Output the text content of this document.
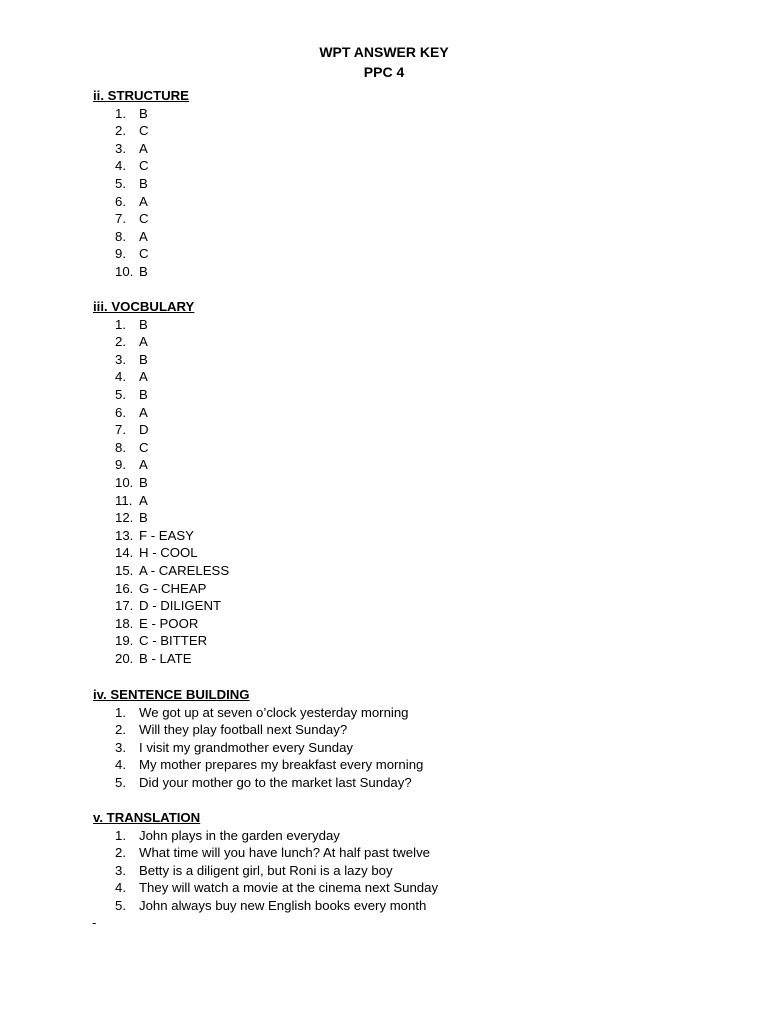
WPT ANSWER KEY
PPC 4
ii. STRUCTURE
1. B
2. C
3. A
4. C
5. B
6. A
7. C
8. A
9. C
10. B
iii. VOCBULARY
1. B
2. A
3. B
4. A
5. B
6. A
7. D
8. C
9. A
10. B
11. A
12. B
13. F - EASY
14. H - COOL
15. A - CARELESS
16. G - CHEAP
17. D - DILIGENT
18. E - POOR
19. C - BITTER
20. B - LATE
iv. SENTENCE BUILDING
1. We got up at seven o’clock yesterday morning
2. Will they play football next Sunday?
3. I visit my grandmother every Sunday
4. My mother prepares my breakfast every morning
5. Did your mother go to the market last Sunday?
v. TRANSLATION
1. John plays in the garden everyday
2. What time will you have lunch? At half past twelve
3. Betty is a diligent girl, but Roni is a lazy boy
4. They will watch a movie at the cinema next Sunday
5. John always buy new English books every month
-
